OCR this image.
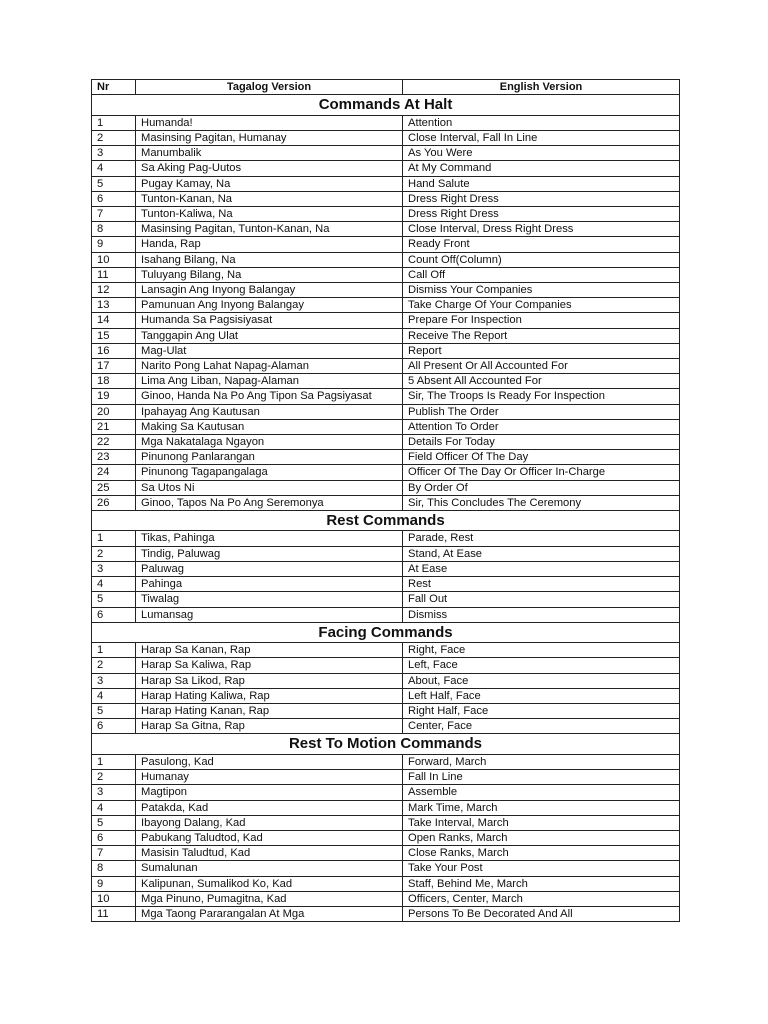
Nr	Tagalog Version	English Version
Commands At Halt		
1	Humanda!	Attention
2	Masinsing Pagitan, Humanay	Close Interval, Fall In Line
3	Manumbalik	As You Were
4	Sa Aking Pag-Uutos	At My Command
5	Pugay Kamay, Na	Hand Salute
6	Tunton-Kanan, Na	Dress Right Dress
7	Tunton-Kaliwa, Na	Dress Right Dress
8	Masinsing Pagitan, Tunton-Kanan, Na	Close Interval, Dress Right Dress
9	Handa, Rap	Ready Front
10	Isahang Bilang, Na	Count Off(Column)
11	Tuluyang Bilang, Na	Call Off
12	Lansagin Ang Inyong Balangay	Dismiss Your Companies
13	Pamunuan Ang Inyong Balangay	Take Charge Of Your Companies
14	Humanda Sa Pagsisiyasat	Prepare For Inspection
15	Tanggapin Ang Ulat	Receive The Report
16	Mag-Ulat	Report
17	Narito Pong Lahat Napag-Alaman	All Present Or All Accounted For
18	Lima Ang Liban, Napag-Alaman	5 Absent All Accounted For
19	Ginoo, Handa Na Po Ang Tipon Sa Pagsiyasat	Sir, The Troops Is Ready For Inspection
20	Ipahayag Ang Kautusan	Publish The Order
21	Making Sa Kautusan	Attention To Order
22	Mga Nakatalaga Ngayon	Details For Today
23	Pinunong Panlarangan	Field Officer Of The Day
24	Pinunong Tagapangalaga	Officer Of The Day Or Officer In-Charge
25	Sa Utos Ni	By Order Of
26	Ginoo, Tapos Na Po Ang Seremonya	Sir, This Concludes The Ceremony
Rest Commands		
1	Tikas, Pahinga	Parade, Rest
2	Tindig, Paluwag	Stand, At Ease
3	Paluwag	At Ease
4	Pahinga	Rest
5	Tiwalag	Fall Out
6	Lumansag	Dismiss
Facing Commands		
1	Harap Sa Kanan, Rap	Right, Face
2	Harap Sa Kaliwa, Rap	Left, Face
3	Harap Sa Likod, Rap	About, Face
4	Harap Hating Kaliwa, Rap	Left Half, Face
5	Harap Hating Kanan, Rap	Right Half, Face
6	Harap Sa Gitna, Rap	Center, Face
Rest To Motion Commands		
1	Pasulong, Kad	Forward, March
2	Humanay	Fall In Line
3	Magtipon	Assemble
4	Patakda, Kad	Mark Time, March
5	Ibayong Dalang, Kad	Take Interval, March
6	Pabukang Taludtod, Kad	Open Ranks, March
7	Masisin Taludtud, Kad	Close Ranks, March
8	Sumalunan	Take Your Post
9	Kalipunan, Sumalikod Ko, Kad	Staff, Behind Me, March
10	Mga Pinuno, Pumagitna, Kad	Officers, Center, March
11	Mga Taong Pararangalan At Mga	Persons To Be Decorated And All
